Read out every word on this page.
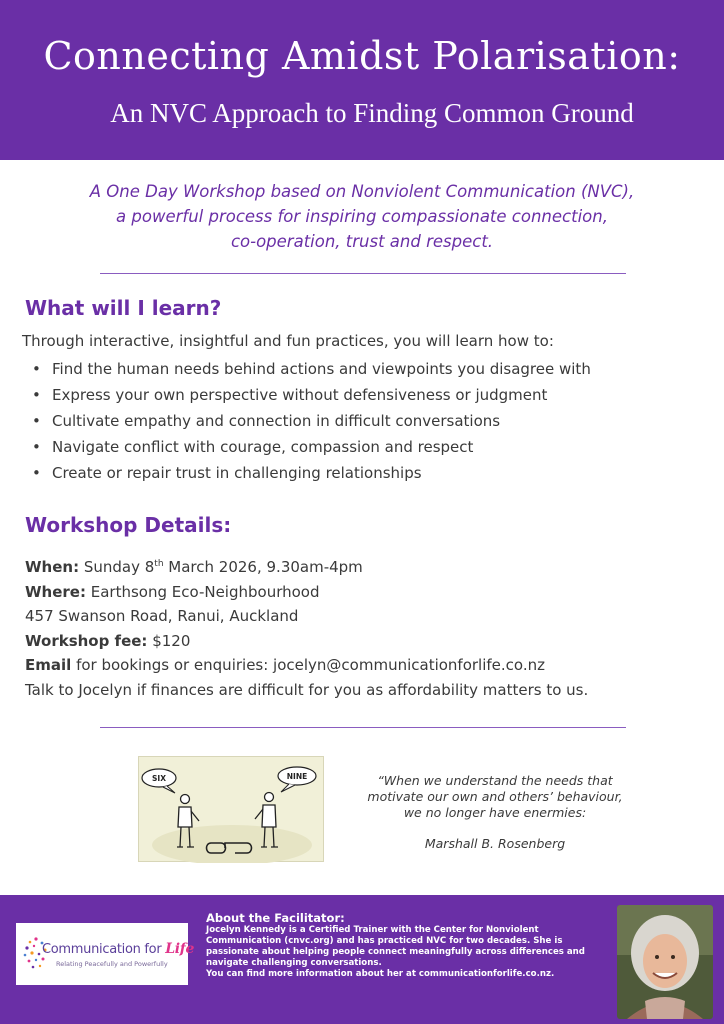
Connecting Amidst Polarisation:
An NVC Approach to Finding Common Ground
A One Day Workshop based on Nonviolent Communication (NVC),
a powerful process for inspiring compassionate connection,
co-operation, trust and respect.
What will I learn?
Through interactive, insightful and fun practices, you will learn how to:
• Find the human needs behind actions and viewpoints you disagree with
• Express your own perspective without defensiveness or judgment
• Cultivate empathy and connection in difficult conversations
• Navigate conflict with courage, compassion and respect
• Create or repair trust in challenging relationships
Workshop Details:
When: Sunday 8th March 2026, 9.30am-4pm
Where: Earthsong Eco-Neighbourhood
457 Swanson Road, Ranui, Auckland
Workshop fee: $120
Email for bookings or enquiries: jocelyn@communicationforlife.co.nz
Talk to Jocelyn if finances are difficult for you as affordability matters to us.
SIX	NINE	“When we understand the needs that
motivate our own and others’ behaviour,
we no longer have enermies:
Marshall B. Rosenberg
Communication for Life
Relating Peacefully and Powerfully
About the Facilitator:
Jocelyn Kennedy is a Certified Trainer with the Center for Nonviolent
Communication (cnvc.org) and has practiced NVC for two decades. She is
passionate about helping people connect meaningfully across differences and
navigate challenging conversations.
You can find more information about her at communicationforlife.co.nz.
